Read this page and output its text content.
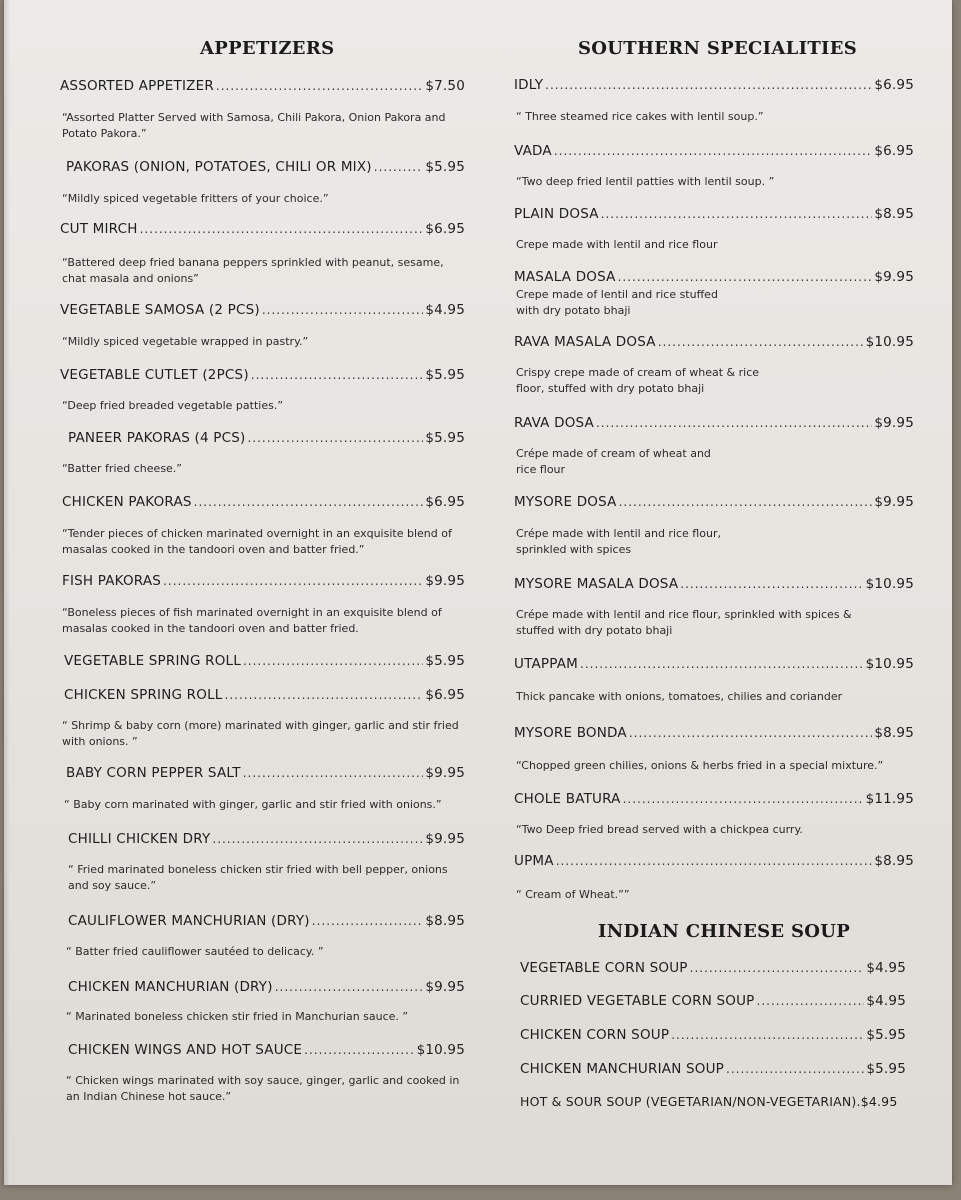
APPETIZERS
ASSORTED APPETIZER .....	$7.50
“Assorted Platter Served with Samosa, Chili Pakora, Onion Pakora and Potato Pakora.”
PAKORAS (ONION, POTATOES, CHILI OR MIX) .....	$5.95
“Mildly spiced vegetable fritters of your choice.”
CUT MIRCH .....	$6.95
“Battered deep fried banana peppers sprinkled with peanut, sesame, chat masala and onions”
VEGETABLE SAMOSA (2 PCS) .....	$4.95
“Mildly spiced vegetable wrapped in pastry.”
VEGETABLE CUTLET (2PCS) .....	$5.95
“Deep fried breaded vegetable patties.”
PANEER PAKORAS (4 PCS) .....	$5.95
“Batter fried cheese.”
CHICKEN PAKORAS .....	$6.95
“Tender pieces of chicken marinated overnight in an exquisite blend of masalas cooked in the tandoori oven and batter fried.”
FISH PAKORAS .....	$9.95
“Boneless pieces of fish marinated overnight in an exquisite blend of masalas cooked in the tandoori oven and batter fried.
VEGETABLE SPRING ROLL .....	$5.95
CHICKEN SPRING ROLL .....	$6.95
“ Shrimp & baby corn (more) marinated with ginger, garlic and stir fried with onions. ”
BABY CORN PEPPER SALT .....	$9.95
“ Baby corn marinated with ginger, garlic and stir fried with onions.”
CHILLI CHICKEN DRY .....	$9.95
“ Fried marinated boneless chicken stir fried with bell pepper, onions and soy sauce.”
CAULIFLOWER MANCHURIAN (DRY) .....	$8.95
“ Batter fried cauliflower sautéed to delicacy. ”
CHICKEN MANCHURIAN (DRY) .....	$9.95
“ Marinated boneless chicken stir fried in Manchurian sauce. ”
CHICKEN WINGS AND HOT SAUCE .....	$10.95
“ Chicken wings marinated with soy sauce, ginger, garlic and cooked in an Indian Chinese hot sauce.”
SOUTHERN SPECIALITIES
IDLY .....	$6.95
“ Three steamed rice cakes with lentil soup.”
VADA .....	$6.95
“Two deep fried lentil patties with lentil soup. ”
PLAIN DOSA .....	$8.95
Crepe made with lentil and rice flour
MASALA DOSA .....	$9.95
Crepe made of lentil and rice stuffed with dry potato bhaji
RAVA MASALA DOSA .....	$10.95
Crispy crepe made of cream of wheat & rice floor, stuffed with dry potato bhaji
RAVA DOSA .....	$9.95
Crépe made of cream of wheat and rice flour
MYSORE DOSA .....	$9.95
Crépe made with lentil and rice flour, sprinkled with spices
MYSORE MASALA DOSA .....	$10.95
Crépe made with lentil and rice flour, sprinkled with spices & stuffed with dry potato bhaji
UTAPPAM .....	$10.95
Thick pancake with onions, tomatoes, chilies and coriander
MYSORE BONDA .....	$8.95
“Chopped green chilies, onions & herbs fried in a special mixture.”
CHOLE BATURA .....	$11.95
“Two Deep fried bread served with a chickpea curry.
UPMA .....	$8.95
“ Cream of Wheat.””
INDIAN CHINESE SOUP
VEGETABLE CORN SOUP .....	$4.95
CURRIED VEGETABLE CORN SOUP .....	$4.95
CHICKEN CORN SOUP .....	$5.95
CHICKEN MANCHURIAN SOUP .....	$5.95
HOT & SOUR SOUP (VEGETARIAN/NON-VEGETARIAN). $4.95
